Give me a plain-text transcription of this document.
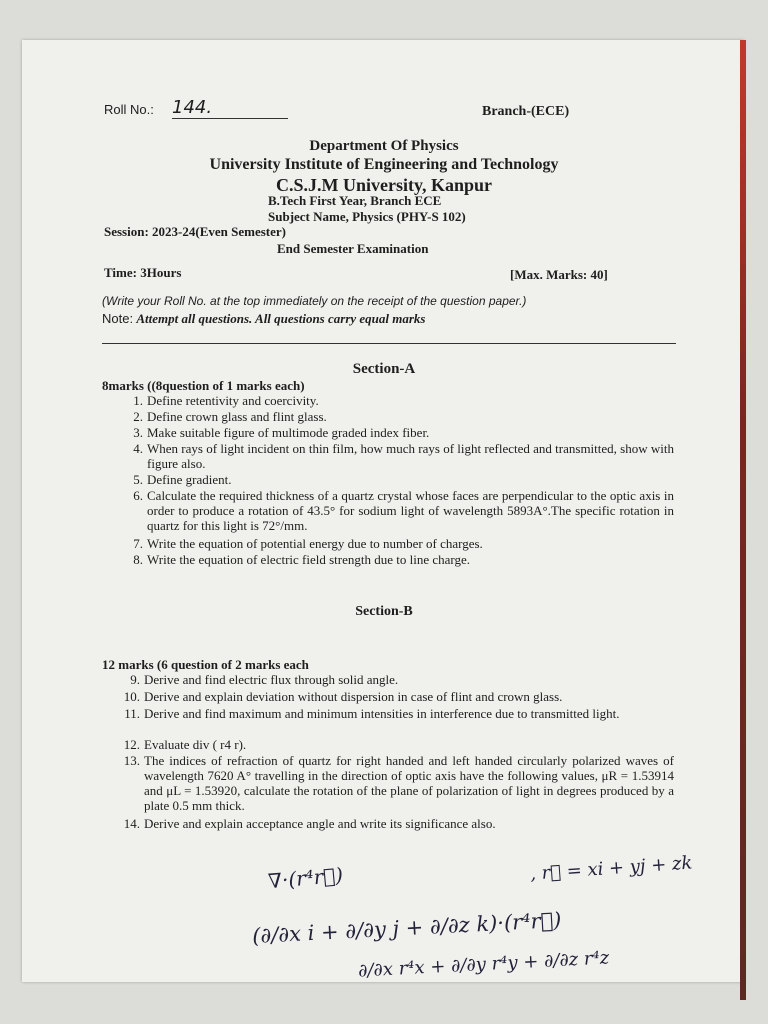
Roll No.: 144.	Branch-(ECE)
Department Of Physics
University Institute of Engineering and Technology
C.S.J.M University, Kanpur
B.Tech First Year, Branch ECE
Subject Name, Physics (PHY-S 102)
Session: 2023-24(Even Semester)
End Semester Examination
Time: 3Hours	[Max. Marks: 40]
(Write your Roll No. at the top immediately on the receipt of the question paper.)
Note: Attempt all questions. All questions carry equal marks
Section-A
8marks ((8question of 1 marks each)
1. Define retentivity and coercivity.
2. Define crown glass and flint glass.
3. Make suitable figure of multimode graded index fiber.
4. When rays of light incident on thin film, how much rays of light reflected and transmitted, show with figure also.
5. Define gradient.
6. Calculate the required thickness of a quartz crystal whose faces are perpendicular to the optic axis in order to produce a rotation of 43.5° for sodium light of wavelength 5893A°.The specific rotation in quartz for this light is 72°/mm.
7. Write the equation of potential energy due to number of charges.
8. Write the equation of electric field strength due to line charge.
Section-B
12 marks (6 question of 2 marks each
9. Derive and find electric flux through solid angle.
10. Derive and explain deviation without dispersion in case of flint and crown glass.
11. Derive and find maximum and minimum intensities in interference due to transmitted light.
12. Evaluate div ( r4 r).
13. The indices of refraction of quartz for right handed and left handed circularly polarized waves of wavelength 7620 A° travelling in the direction of optic axis have the following values, μR = 1.53914 and μL = 1.53920, calculate the rotation of the plane of polarization of light in degrees produced by a plate 0.5 mm thick.
14. Derive and explain acceptance angle and write its significance also.
∇·(r⁴r⃗)	, r⃗ = xi + yj + zk
(∂/∂x i + ∂/∂y j + ∂/∂z k)·(r⁴r⃗)
∂/∂x r⁴x + ∂/∂y r⁴y + ∂/∂z r⁴z
